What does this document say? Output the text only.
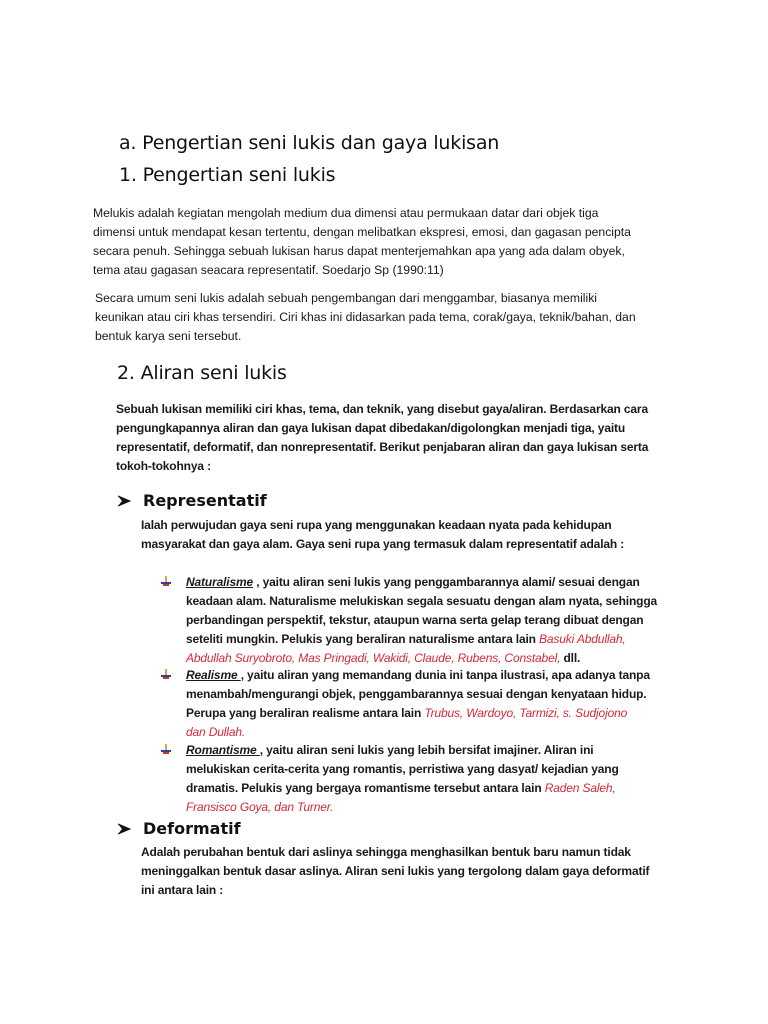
a. Pengertian seni lukis dan gaya lukisan
1. Pengertian seni lukis
Melukis adalah kegiatan mengolah medium dua dimensi atau permukaan datar dari objek tiga
dimensi untuk mendapat kesan tertentu, dengan melibatkan ekspresi, emosi, dan gagasan pencipta
secara penuh. Sehingga sebuah lukisan harus dapat menterjemahkan apa yang ada dalam obyek,
tema atau gagasan seacara representatif. Soedarjo Sp (1990:11)
Secara umum seni lukis adalah sebuah pengembangan dari menggambar, biasanya memiliki
keunikan atau ciri khas tersendiri. Ciri khas ini didasarkan pada tema, corak/gaya, teknik/bahan, dan
bentuk karya seni tersebut.
2. Aliran seni lukis
Sebuah lukisan memiliki ciri khas, tema, dan teknik, yang disebut gaya/aliran. Berdasarkan cara
pengungkapannya aliran dan gaya lukisan dapat dibedakan/digolongkan menjadi tiga, yaitu
representatif, deformatif, dan nonrepresentatif. Berikut penjabaran aliran dan gaya lukisan serta
tokoh-tokohnya :
Representatif
Ialah perwujudan gaya seni rupa yang menggunakan keadaan nyata pada kehidupan
masyarakat dan gaya alam. Gaya seni rupa yang termasuk dalam representatif adalah :
Naturalisme , yaitu aliran seni lukis yang penggambarannya alami/ sesuai dengan
keadaan alam. Naturalisme melukiskan segala sesuatu dengan alam nyata, sehingga
perbandingan perspektif, tekstur, ataupun warna serta gelap terang dibuat dengan
seteliti mungkin. Pelukis yang beraliran naturalisme antara lain Basuki Abdullah,
Abdullah Suryobroto, Mas Pringadi, Wakidi, Claude, Rubens, Constabel, dll.
Realisme , yaitu aliran yang memandang dunia ini tanpa ilustrasi, apa adanya tanpa
menambah/mengurangi objek, penggambarannya sesuai dengan kenyataan hidup.
Perupa yang beraliran realisme antara lain Trubus, Wardoyo, Tarmizi, s. Sudjojono
dan Dullah.
Romantisme , yaitu aliran seni lukis yang lebih bersifat imajiner. Aliran ini
melukiskan cerita-cerita yang romantis, perristiwa yang dasyat/ kejadian yang
dramatis. Pelukis yang bergaya romantisme tersebut antara lain Raden Saleh,
Fransisco Goya, dan Turner.
Deformatif
Adalah perubahan bentuk dari aslinya sehingga menghasilkan bentuk baru namun tidak
meninggalkan bentuk dasar aslinya. Aliran seni lukis yang tergolong dalam gaya deformatif
ini antara lain :
